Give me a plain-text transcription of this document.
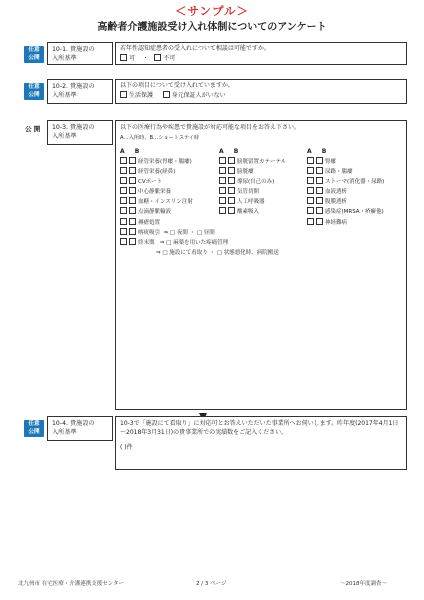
＜サンプル＞
高齢者介護施設受け入れ体制についてのアンケート
任意
公開
10-1. 貴施設の
入所基準
若年性認知症患者の受入れについて相談は可能ですか。
可    ・   不可
任意
公開
10-2. 貴施設の
入所基準
以下の項目について受け入れていますか。
生活保護	身元保証人がいない
公 開	10-3. 貴施設の
入所基準
以下の医療行為や疾患で貴施設が対応可能な項目をお答え下さい。
A…入所時、B…ショートステイ時
A B
経管栄養(胃瘻・腸瘻)
経管栄養(経鼻)
CVポート
中心静脈栄養
血糖・インスリン注射
点滴静脈輸液
褥瘡処置
A B
膀胱留置カテーテル
膀胱瘻
導尿(自己のみ)
気管切開
人工呼吸器
酸素吸入
A B
腎瘻
尿路・腸瘻
ストーマ(消化器・尿路)
血液透析
腹膜透析
感染症(MRSA・疥癬他)
神経難病
喀痰吸引 ⇒ □ 夜間 ・ □ 昼間
終末期 ⇒ □ 麻薬を用いた疼痛管理
⇒ □ 施設にて看取り ・ □ 状態悪化時、病院搬送
任意
公開
10-4. 貴施設の
入所基準
10-3で「施設にて看取り」に対応可とお答えいただいた事業所へお伺いします。昨年度(2017年4月1日～2018年3月31日)の貴事業所での実績数をご記入ください。
( )件
北九州市 在宅医療・介護連携支援センター	2 / 3 ページ	～2018年度調査～
